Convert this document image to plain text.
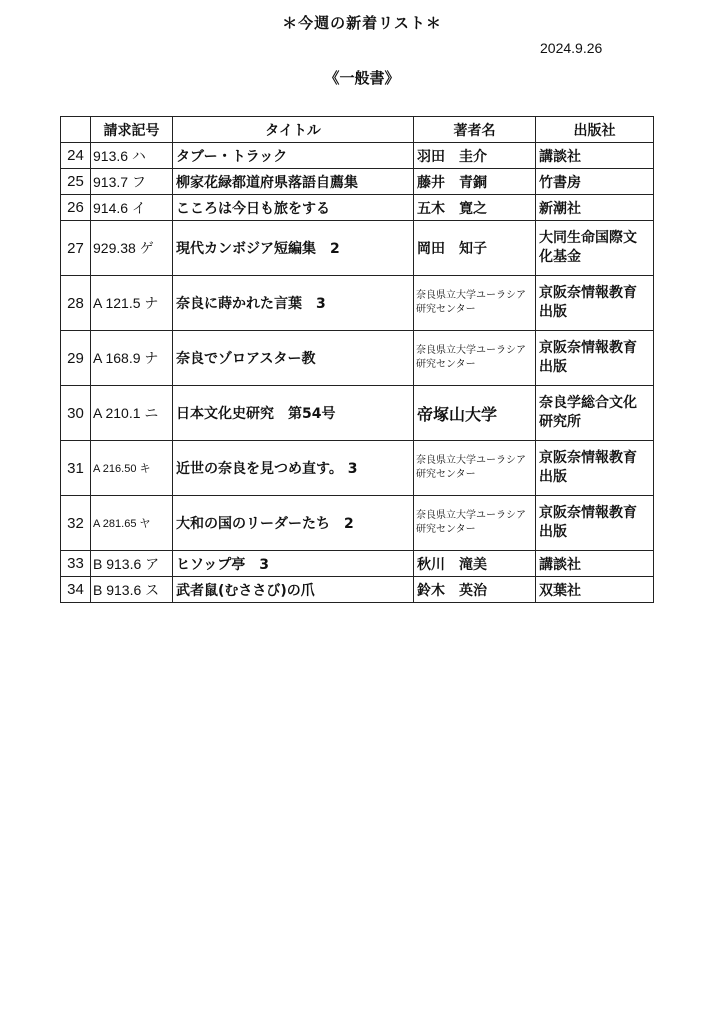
＊今週の新着リスト＊
2024.9.26
《一般書》
	請求記号	タイトル	著者名	出版社
24	913.6 ハ	タブー・トラック	羽田　圭介	講談社
25	913.7 フ	柳家花緑都道府県落語自薦集	藤井　青銅	竹書房
26	914.6 イ	こころは今日も旅をする	五木　寛之	新潮社
27	929.38 ゲ	現代カンボジア短編集　2	岡田　知子	大同生命国際文化基金
28	A 121.5 ナ	奈良に蒔かれた言葉　3	奈良県立大学ユーラシア研究センター	京阪奈情報教育出版
29	A 168.9 ナ	奈良でゾロアスター教	奈良県立大学ユーラシア研究センター	京阪奈情報教育出版
30	A 210.1 ニ	日本文化史研究　第54号	帝塚山大学	奈良学総合文化研究所
31	A 216.50 キ	近世の奈良を見つめ直す。 3	奈良県立大学ユーラシア研究センター	京阪奈情報教育出版
32	A 281.65 ヤ	大和の国のリーダーたち　2	奈良県立大学ユーラシア研究センター	京阪奈情報教育出版
33	B 913.6 ア	ヒソップ亭　3	秋川　滝美	講談社
34	B 913.6 ス	武者鼠(むささび)の爪	鈴木　英治	双葉社
